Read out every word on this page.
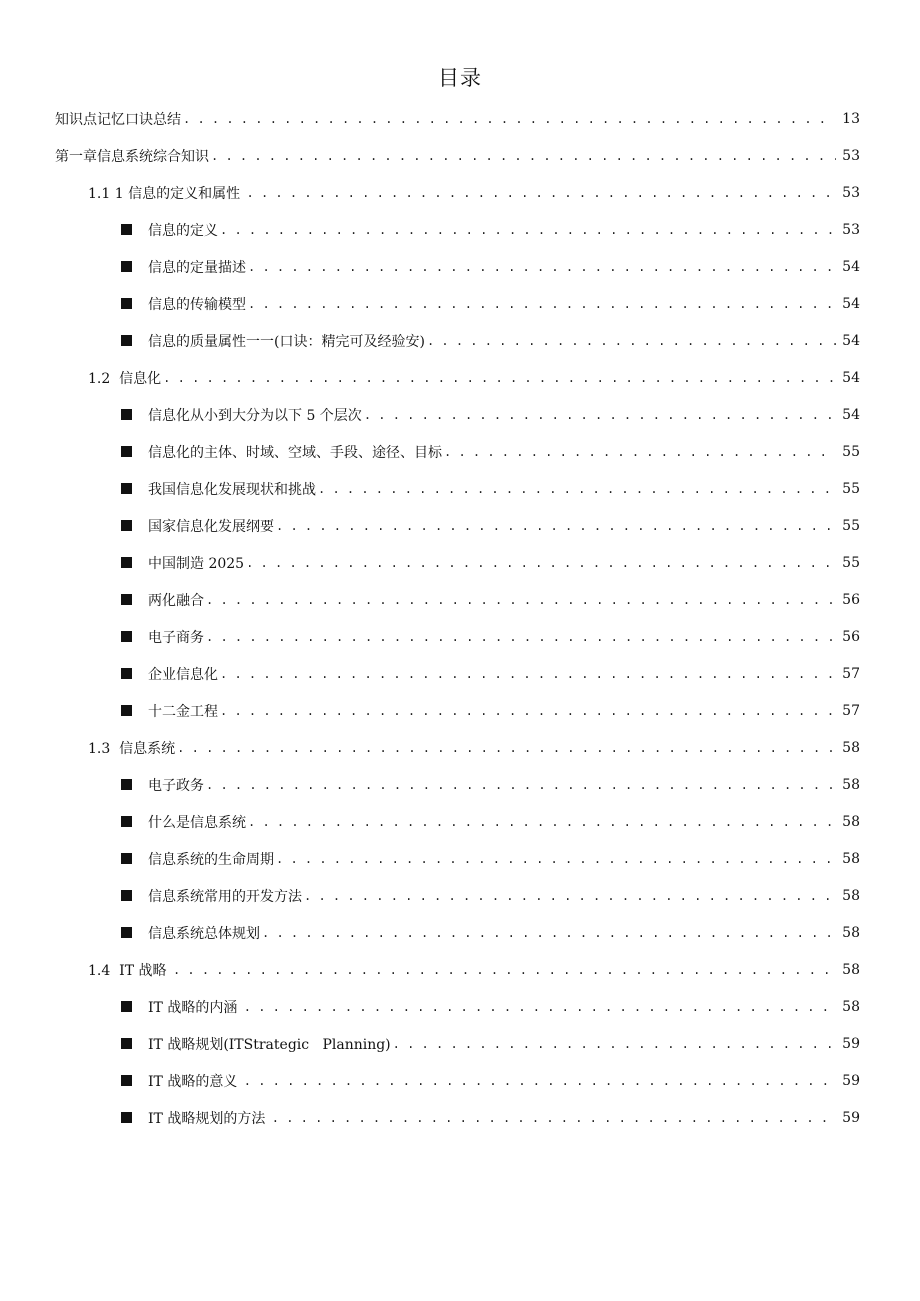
目录
知识点记忆口诀总结 . . .	13
第一章信息系统综合知识 . . .	53
1.1 1 信息的定义和属性 . . .	53
信息的定义 . . .	53
信息的定量描述 . . .	54
信息的传输模型 . . .	54
信息的质量属性一一(口诀：精完可及经验安) . . .	54
1.2  信息化 . . .	54
信息化从小到大分为以下 5 个层次 . . .	54
信息化的主体、时域、空域、手段、途径、目标 . . .	55
我国信息化发展现状和挑战 . . .	55
国家信息化发展纲要 . . .	55
中国制造 2025 . . .	55
两化融合 . . .	56
电子商务 . . .	56
企业信息化 . . .	57
十二金工程 . . .	57
1.3  信息系统 . . .	58
电子政务 . . .	58
什么是信息系统 . . .	58
信息系统的生命周期 . . .	58
信息系统常用的开发方法 . . .	58
信息系统总体规划 . . .	58
1.4  IT 战略 . . .	58
IT 战略的内涵 . . .	58
IT 战略规划(ITStrategic   Planning) . . .	59
IT 战略的意义 . . .	59
IT 战略规划的方法 . . .	59
